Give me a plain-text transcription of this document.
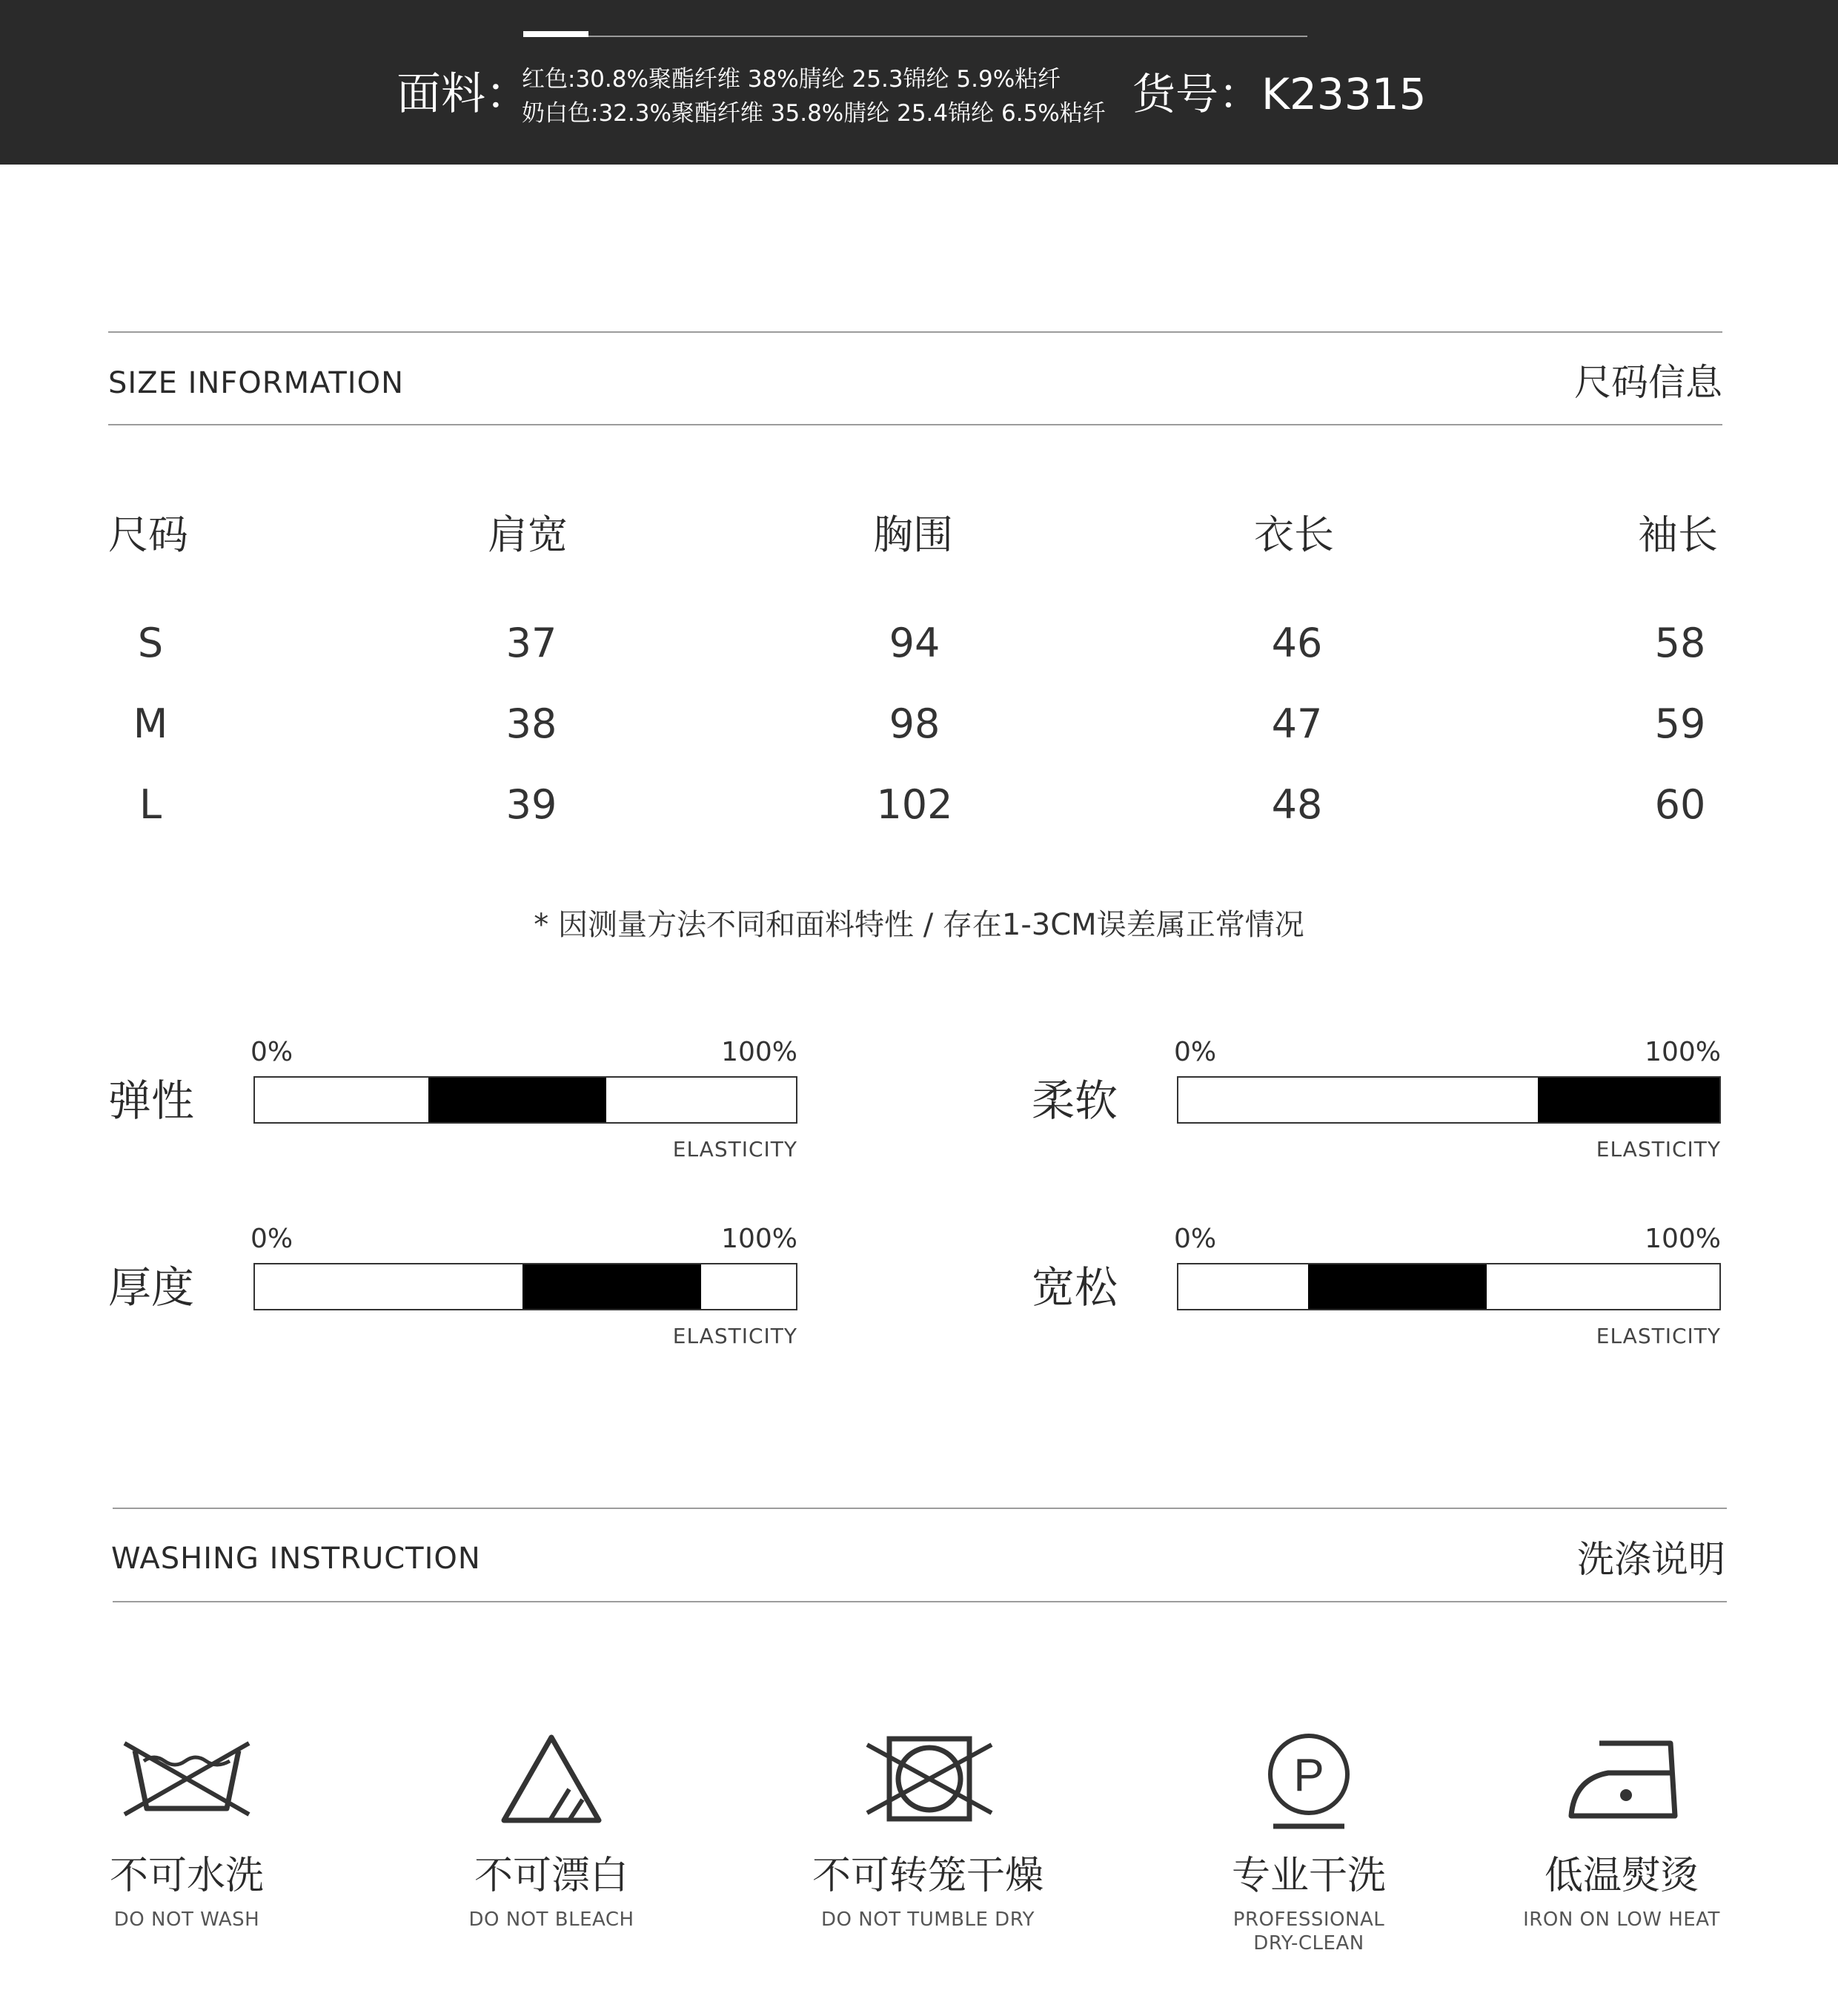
面料：
红色:30.8%聚酯纤维 38%腈纶 25.3锦纶 5.9%粘纤
奶白色:32.3%聚酯纤维 35.8%腈纶 25.4锦纶 6.5%粘纤 货号：K23315
SIZE INFORMATION	尺码信息
尺码	肩宽	胸围	衣长	袖长
S	37	94	46	58
M	38	98	47	59
L	39	102	48	60
* 因测量方法不同和面料特性 / 存在1-3CM误差属正常情况
弹性
0%	100%
ELASTICITY
柔软
0%	100%
ELASTICITY
厚度
0%	100%
ELASTICITY
宽松
0%	100%
ELASTICITY
WASHING INSTRUCTION	洗涤说明
P
不可水洗
DO NOT WASH
不可漂白
DO NOT BLEACH
不可转笼干燥
DO NOT TUMBLE DRY
专业干洗
PROFESSIONAL DRY-CLEAN
低温熨烫
IRON ON LOW HEAT
